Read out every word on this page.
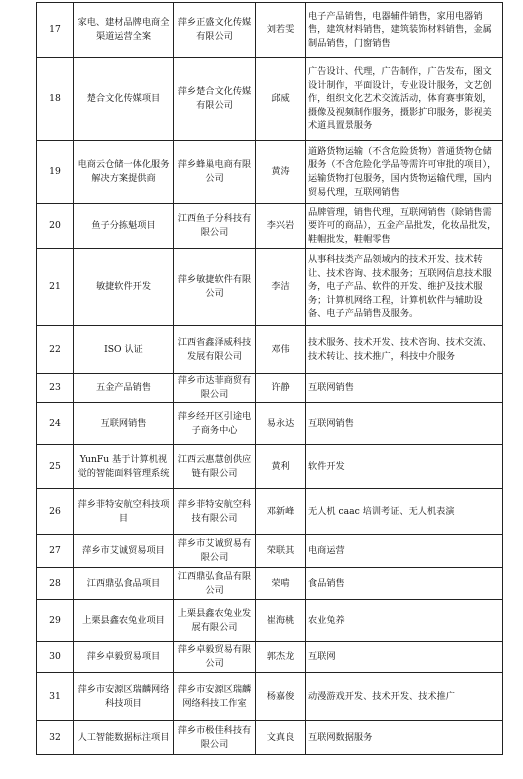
17	家电、建材品牌电商全渠道运营全案	萍乡正盛文化传媒有限公司	刘若雯	电子产品销售，电器辅件销售，家用电器销售，建筑材料销售，建筑装饰材料销售，金属制品销售，门窗销售
18	楚合文化传媒项目	萍乡楚合文化传媒有限公司	邱威	广告设计、代理，广告制作，广告发布，图文设计制作，平面设计，专业设计服务，文艺创作，组织文化艺术交流活动，体育赛事策划，摄像及视频制作服务，摄影扩印服务，影视美术道具置景服务
19	电商云仓储一体化服务解决方案提供商	萍乡蜂巢电商有限公司	黄涛	道路货物运输（不含危险货物）普通货物仓储服务（不含危险化学品等需许可审批的项目），运输货物打包服务，国内货物运输代理，国内贸易代理，互联网销售
20	鱼子分拣魁项目	江西鱼子分科技有限公司	李兴岩	品牌管理，销售代理，互联网销售（除销售需要许可的商品），五金产品批发，化妆品批发，鞋帽批发，鞋帽零售
21	敏捷软件开发	萍乡敏捷软件有限公司	李洁	从事科技类产品领域内的技术开发、技术转让、技术咨询、技术服务；互联网信息技术服务，电子产品、软件的开发、维护及技术服务；计算机网络工程，计算机软件与辅助设备、电子产品销售及服务。
22	ISO 认证	江西省鑫泽威科技发展有限公司	邓伟	技术服务、技术开发、技术咨询、技术交流、技术转让、技术推广，科技中介服务
23	五金产品销售	萍乡市达菲商贸有限公司	许静	互联网销售
24	互联网销售	萍乡经开区引途电子商务中心	易永达	互联网销售
25	YunFu 基于计算机视觉的智能面料管理系统	江西云惠慧创供应链有限公司	黄利	软件开发
26	萍乡菲特安航空科技项目	萍乡菲特安航空科技有限公司	邓新峰	无人机 caac 培训考证、无人机表演
27	萍乡市艾诚贸易项目	萍乡市艾诚贸易有限公司	荣联其	电商运营
28	江西鼎弘食品项目	江西鼎弘食品有限公司	荣啃	食品销售
29	上栗县鑫农兔业项目	上栗县鑫农兔业发展有限公司	崔海桃	农业兔养
30	萍乡卓毅贸易项目	萍乡卓毅贸易有限公司	郭杰龙	互联网
31	萍乡市安源区瑞麟网络科技项目	萍乡市安源区瑞麟网络科技工作室	杨嘉俊	动漫游戏开发、技术开发、技术推广
32	人工智能数据标注项目	萍乡市极佳科技有限公司	文真良	互联网数据服务
